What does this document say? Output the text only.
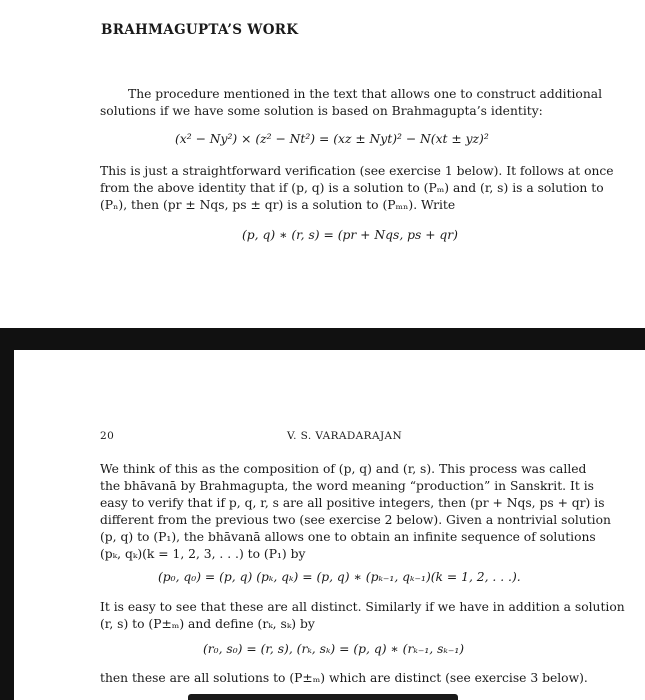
BRAHMAGUPTA’S WORK
The procedure mentioned in the text that allows one to construct additional
solutions if we have some solution is based on Brahmagupta’s identity:
(x² − Ny²) × (z² − Nt²) = (xz ± Nyt)² − N(xt ± yz)²
This is just a straightforward verification (see exercise 1 below). It follows at once
from the above identity that if (p, q) is a solution to (Pₘ) and (r, s) is a solution to
(Pₙ), then (pr ± Nqs, ps ± qr) is a solution to (Pₘₙ). Write
(p, q) ∗ (r, s) = (pr + Nqs, ps + qr)
20	V. S. VARADARAJAN
We think of this as the composition of (p, q) and (r, s). This process was called
the bhāvanā by Brahmagupta, the word meaning “production” in Sanskrit. It is
easy to verify that if p, q, r, s are all positive integers, then (pr + Nqs, ps + qr) is
different from the previous two (see exercise 2 below). Given a nontrivial solution
(p, q) to (P₁), the bhāvanā allows one to obtain an infinite sequence of solutions
(pₖ, qₖ)(k = 1, 2, 3, . . .) to (P₁) by
(p₀, q₀) = (p, q) (pₖ, qₖ) = (p, q) ∗ (pₖ₋₁, qₖ₋₁)(k = 1, 2, . . .).
It is easy to see that these are all distinct. Similarly if we have in addition a solution
(r, s) to (P±ₘ) and define (rₖ, sₖ) by
(r₀, s₀) = (r, s), (rₖ, sₖ) = (p, q) ∗ (rₖ₋₁, sₖ₋₁)
then these are all solutions to (P±ₘ) which are distinct (see exercise 3 below).
